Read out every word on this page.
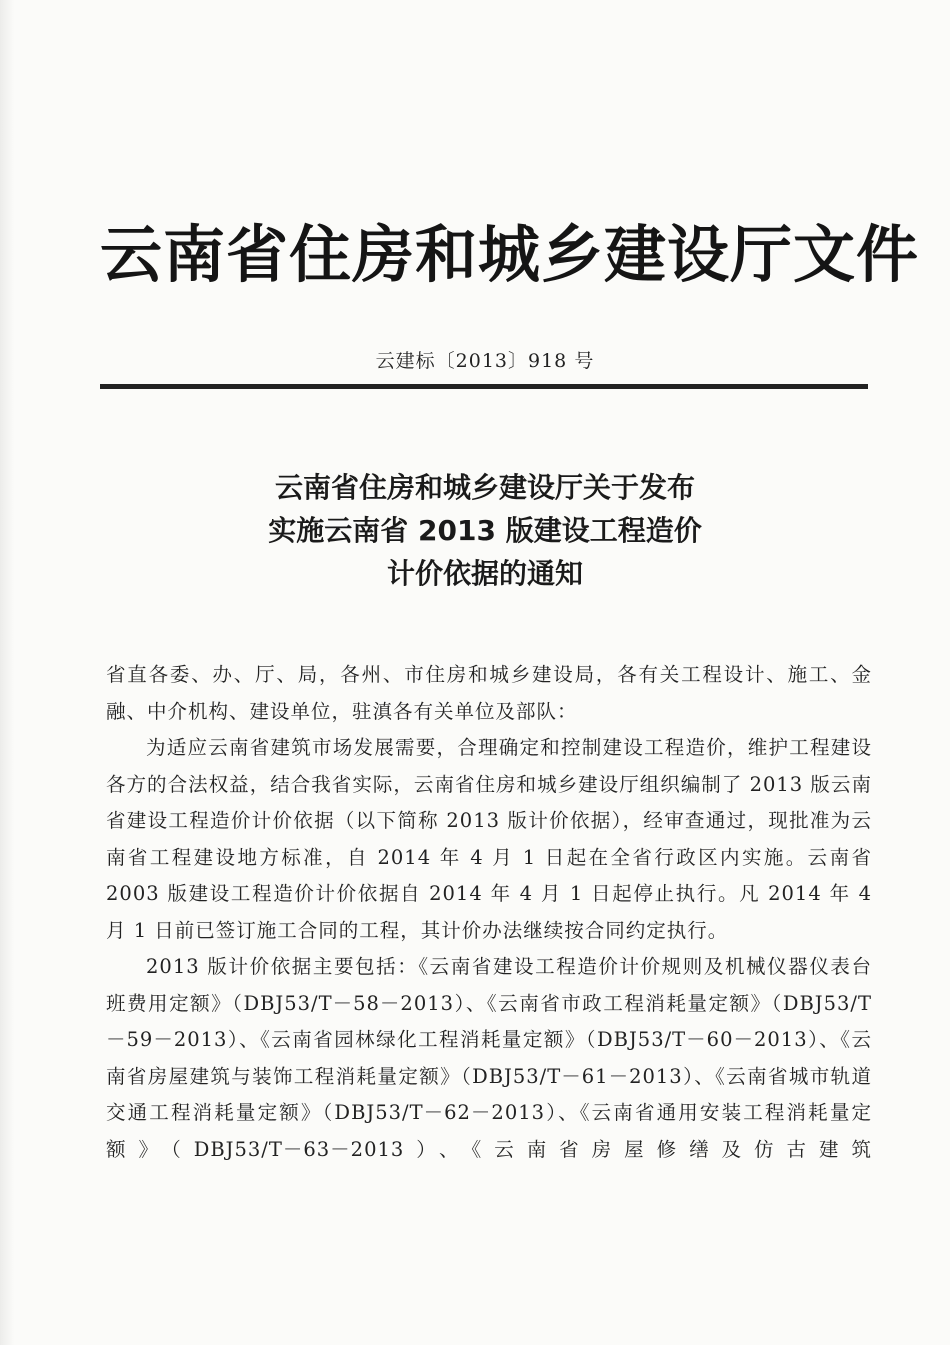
云南省住房和城乡建设厅文件
云建标〔2013〕918 号
云南省住房和城乡建设厅关于发布
实施云南省 2013 版建设工程造价
计价依据的通知

省直各委、办、厅、局，各州、市住房和城乡建设局，各有关工程设计、施工、金融、中介机构、建设单位，驻滇各有关单位及部队：

为适应云南省建筑市场发展需要，合理确定和控制建设工程造价，维护工程建设各方的合法权益，结合我省实际，云南省住房和城乡建设厅组织编制了 2013 版云南省建设工程造价计价依据（以下简称 2013 版计价依据），经审查通过，现批准为云南省工程建设地方标准，自 2014 年 4 月 1 日起在全省行政区内实施。云南省 2003 版建设工程造价计价依据自 2014 年 4 月 1 日起停止执行。凡 2014 年 4 月 1 日前已签订施工合同的工程，其计价办法继续按合同约定执行。

2013 版计价依据主要包括：《云南省建设工程造价计价规则及机械仪器仪表台班费用定额》（DBJ53/T－58－2013）、《云南省市政工程消耗量定额》（DBJ53/T－59－2013）、《云南省园林绿化工程消耗量定额》（DBJ53/T－60－2013）、《云南省房屋建筑与装饰工程消耗量定额》（DBJ53/T－61－2013）、《云南省城市轨道交通工程消耗量定额》（DBJ53/T－62－2013）、《云南省通用安装工程消耗量定额》（DBJ53/T－63－2013）、《云南省房屋修缮及仿古建筑
